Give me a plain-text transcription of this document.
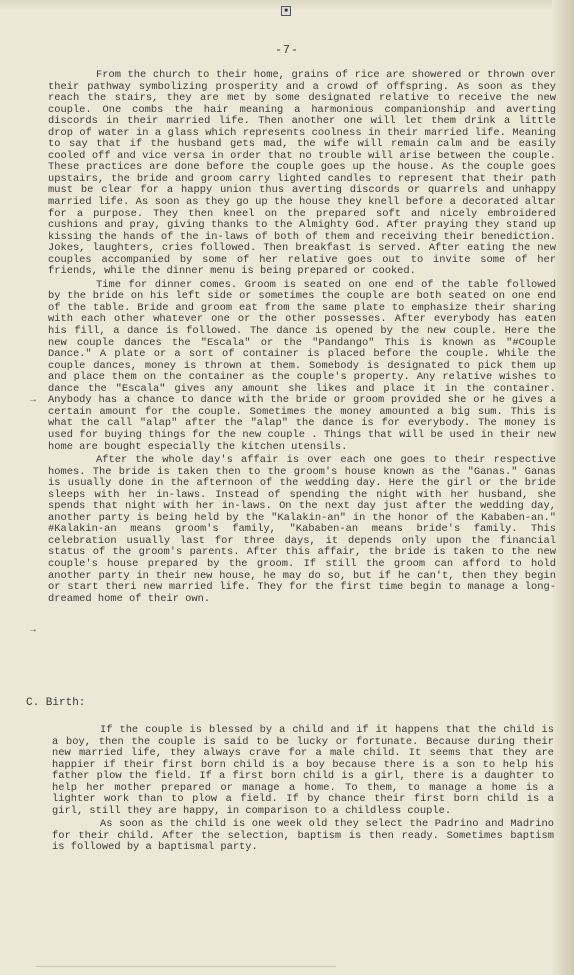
■
-7-

From the church to their home, grains of rice are showered or thrown over their pathway symbolizing prosperity and a crowd of offspring. As soon as they reach the stairs, they are met by some designated relative to receive the new couple. One combs the hair meaning a harmonious companionship and averting discords in their married life. Then another one will let them drink a little drop of water in a glass which represents coolness in their married life. Meaning to say that if the husband gets mad, the wife will remain calm and be easily cooled off and vice versa in order that no trouble will arise between the couple. These practices are done before the couple goes up the house. As the couple goes upstairs, the bride and groom carry lighted candles to represent that their path must be clear for a happy union thus averting discords or quarrels and unhappy married life. As soon as they go up the house they knell before a decorated altar for a purpose. They then kneel on the prepared soft and nicely embroidered cushions and pray, giving thanks to the Almighty God. After praying they stand up kissing the hands of the in-laws of both of them and receiving their benediction. Jokes, laughters, cries followed. Then breakfast is served. After eating the new couples accompanied by some of her relative goes out to invite some of her friends, while the dinner menu is being prepared or cooked.

Time for dinner comes. Groom is seated on one end of the table followed by the bride on his left side or sometimes the couple are both seated on one end of the table. Bride and groom eat from the same plate to emphasize their sharing with each other whatever one or the other possesses. After everybody has eaten his fill, a dance is followed. The dance is opened by the new couple. Here the new couple dances the "Escala" or the "Pandango" This is known as "#Couple Dance." A plate or a sort of container is placed before the couple. While the couple dances, money is thrown at them. Somebody is designated to pick them up and place them on the container as the couple's property. Any relative wishes to dance the "Escala" gives any amount she likes and place it in the container. Anybody has a chance to dance with the bride or groom provided she or he gives a certain amount for the couple. Sometimes the money amounted a big sum. This is what the call "alap" after the "alap" the dance is for everybody. The money is used for buying things for the new couple . Things that will be used in their new home are bought especially the kitchen utensils.

After the whole day's affair is over each one goes to their respective homes. The bride is taken then to the groom's house known as the "Ganas." Ganas is usually done in the afternoon of the wedding day. Here the girl or the bride sleeps with her in-laws. Instead of spending the night with her husband, she spends that night with her in-laws. On the next day just after the wedding day, another party is being held by the "Kalakin-an" in the honor of the Kababen-an." #Kalakin-an means groom's family, "Kababen-an means bride's family. This celebration usually last for three days, it depends only upon the financial status of the groom's parents. After this affair, the bride is taken to the new couple's house prepared by the groom. If still the groom can afford to hold another party in their new house, he may do so, but if he can't, then they begin or start theri new married life. They for the first time begin to manage a long-dreamed home of their own.

→
→
C. Birth:

If the couple is blessed by a child and if it happens that the child is a boy, then the couple is said to be lucky or fortunate. Because during their new married life, they always crave for a male child. It seems that they are happier if their first born child is a boy because there is a son to help his father plow the field. If a first born child is a girl, there is a daughter to help her mother prepared or manage a home. To them, to manage a home is a lighter work than to plow a field. If by chance their first born child is a girl, still they are happy, in comparison to a childless couple.

As soon as the child is one week old they select the Padrino and Madrino for their child. After the selection, baptism is then ready. Sometimes baptism is followed by a baptismal party.
